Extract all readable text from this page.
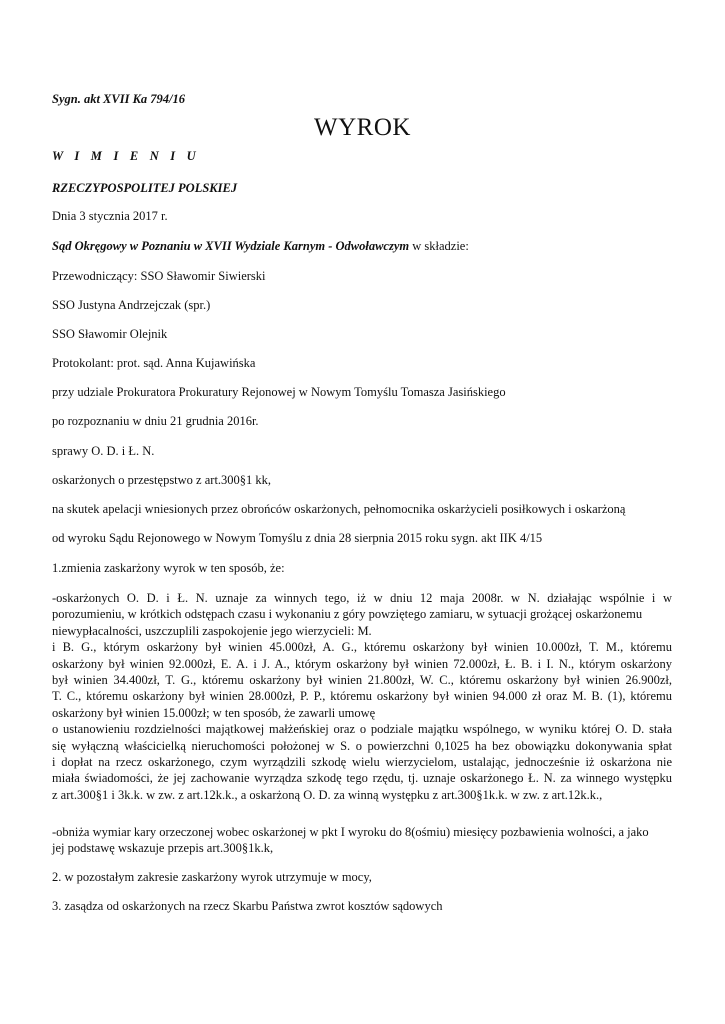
Sygn. akt XVII Ka 794/16
WYROK
W I M I E N I U
RZECZYPOSPOLITEJ POLSKIEJ
Dnia 3 stycznia 2017 r.
Sąd Okręgowy w Poznaniu w XVII Wydziale Karnym - Odwoławczym w składzie:
Przewodniczący: SSO Sławomir Siwierski
SSO Justyna Andrzejczak (spr.)
SSO Sławomir Olejnik
Protokolant: prot. sąd. Anna Kujawińska
przy udziale Prokuratora Prokuratury Rejonowej w Nowym Tomyślu Tomasza Jasińskiego
po rozpoznaniu w dniu 21 grudnia 2016r.
sprawy O. D. i Ł. N.
oskarżonych o przestępstwo z art.300§1 kk,
na skutek apelacji wniesionych przez obrońców oskarżonych, pełnomocnika oskarżycieli posiłkowych i oskarżoną
od wyroku Sądu Rejonowego w Nowym Tomyślu z dnia 28 sierpnia 2015 roku sygn. akt IIK 4/15
1.zmienia zaskarżony wyrok w ten sposób, że:
-oskarżonych O. D. i Ł. N. uznaje za winnych tego, iż w dniu 12 maja 2008r. w N. działając wspólnie i w
porozumieniu, w krótkich odstępach czasu i wykonaniu z góry powziętego zamiaru, w sytuacji grożącej oskarżonemu
niewypłacalności, uszczuplili zaspokojenie jego wierzycieli: M.
i B. G., którym oskarżony był winien 45.000zł, A. G., któremu oskarżony był winien 10.000zł, T. M., któremu
oskarżony był winien 92.000zł, E. A. i J. A., którym oskarżony był winien 72.000zł, Ł. B. i I. N., którym oskarżony
był winien 34.400zł, T. G., któremu oskarżony był winien 21.800zł, W. C., któremu oskarżony był winien 26.900zł,
T. C., któremu oskarżony był winien 28.000zł, P. P., któremu oskarżony był winien 94.000 zł oraz M. B. (1), któremu
oskarżony był winien 15.000zł; w ten sposób, że zawarli umowę
o ustanowieniu rozdzielności majątkowej małżeńskiej oraz o podziale majątku wspólnego, w wyniku której O. D. stała
się wyłączną właścicielką nieruchomości położonej w S. o powierzchni 0,1025 ha bez obowiązku dokonywania spłat
i dopłat na rzecz oskarżonego, czym wyrządzili szkodę wielu wierzycielom, ustalając, jednocześnie iż oskarżona nie
miała świadomości, że jej zachowanie wyrządza szkodę tego rzędu, tj. uznaje oskarżonego Ł. N. za winnego występku
z art.300§1 i 3k.k. w zw. z art.12k.k., a oskarżoną O. D. za winną występku z art.300§1k.k. w zw. z art.12k.k.,
-obniża wymiar kary orzeczonej wobec oskarżonej w pkt I wyroku do 8(ośmiu) miesięcy pozbawienia wolności, a jako
jej podstawę wskazuje przepis art.300§1k.k,
2. w pozostałym zakresie zaskarżony wyrok utrzymuje w mocy,
3. zasądza od oskarżonych na rzecz Skarbu Państwa zwrot kosztów sądowych
